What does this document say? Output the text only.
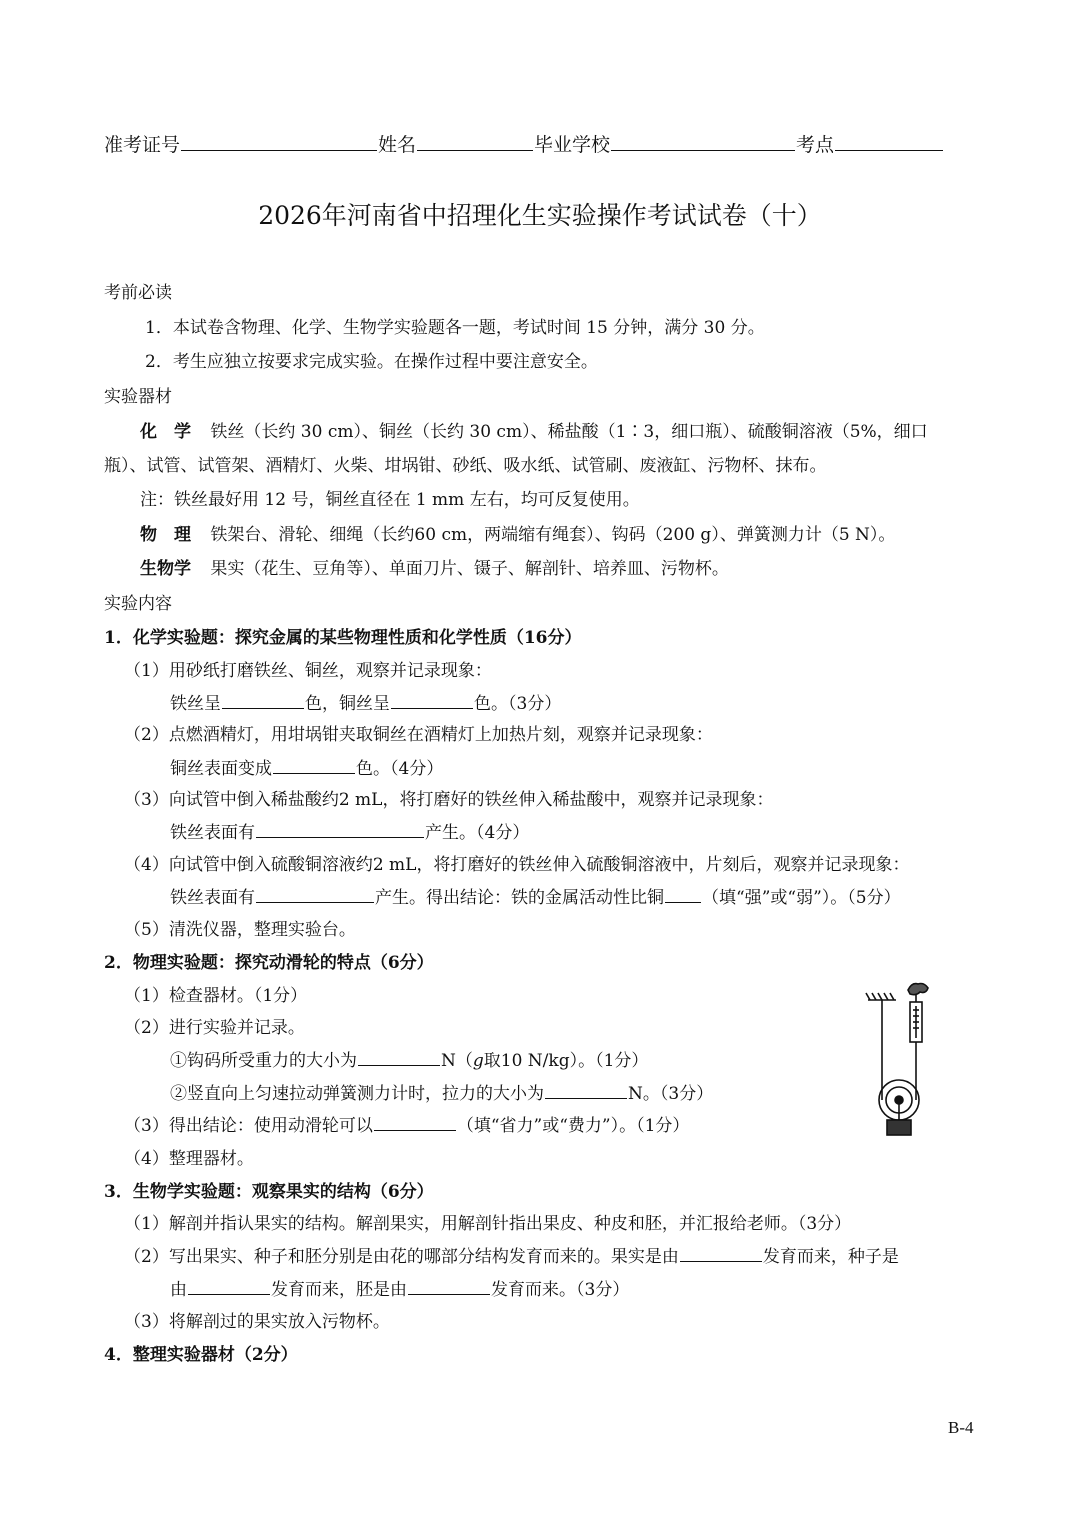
准考证号	姓名	毕业学校	考点
2026年河南省中招理化生实验操作考试试卷（十）
考前必读
1．本试卷含物理、化学、生物学实验题各一题，考试时间 15 分钟，满分 30 分。
2．考生应独立按要求完成实验。在操作过程中要注意安全。
实验器材
化　学 铁丝（长约 30 cm）、铜丝（长约 30 cm）、稀盐酸（1∶3，细口瓶）、硫酸铜溶液（5%，细口
瓶）、试管、试管架、酒精灯、火柴、坩埚钳、砂纸、吸水纸、试管刷、废液缸、污物杯、抹布。
注：铁丝最好用 12 号，铜丝直径在 1 mm 左右，均可反复使用。
物　理 铁架台、滑轮、细绳（长约60 cm，两端缩有绳套）、钩码（200 g）、弹簧测力计（5 N）。
生物学 果实（花生、豆角等）、单面刀片、镊子、解剖针、培养皿、污物杯。
实验内容
1．化学实验题：探究金属的某些物理性质和化学性质（16分）
（1）用砂纸打磨铁丝、铜丝，观察并记录现象：
铁丝呈	色，铜丝呈	色。（3分）
（2）点燃酒精灯，用坩埚钳夹取铜丝在酒精灯上加热片刻，观察并记录现象：
铜丝表面变成	色。（4分）
（3）向试管中倒入稀盐酸约2 mL，将打磨好的铁丝伸入稀盐酸中，观察并记录现象：
铁丝表面有	产生。（4分）
（4）向试管中倒入硫酸铜溶液约2 mL，将打磨好的铁丝伸入硫酸铜溶液中，片刻后，观察并记录现象：
铁丝表面有	产生。得出结论：铁的金属活动性比铜 （填“强”或“弱”）。（5分）
（5）清洗仪器，整理实验台。
2．物理实验题：探究动滑轮的特点（6分）
（1）检查器材。（1分）
（2）进行实验并记录。
①钩码所受重力的大小为	N（g取10 N/kg）。（1分）
②竖直向上匀速拉动弹簧测力计时，拉力的大小为	N。（3分）
（3）得出结论：使用动滑轮可以	（填“省力”或“费力”）。（1分）
（4）整理器材。
3．生物学实验题：观察果实的结构（6分）
（1）解剖并指认果实的结构。解剖果实，用解剖针指出果皮、种皮和胚，并汇报给老师。（3分）
（2）写出果实、种子和胚分别是由花的哪部分结构发育而来的。果实是由	发育而来，种子是
由	发育而来，胚是由	发育而来。（3分）
（3）将解剖过的果实放入污物杯。
4．整理实验器材（2分）
B-4
